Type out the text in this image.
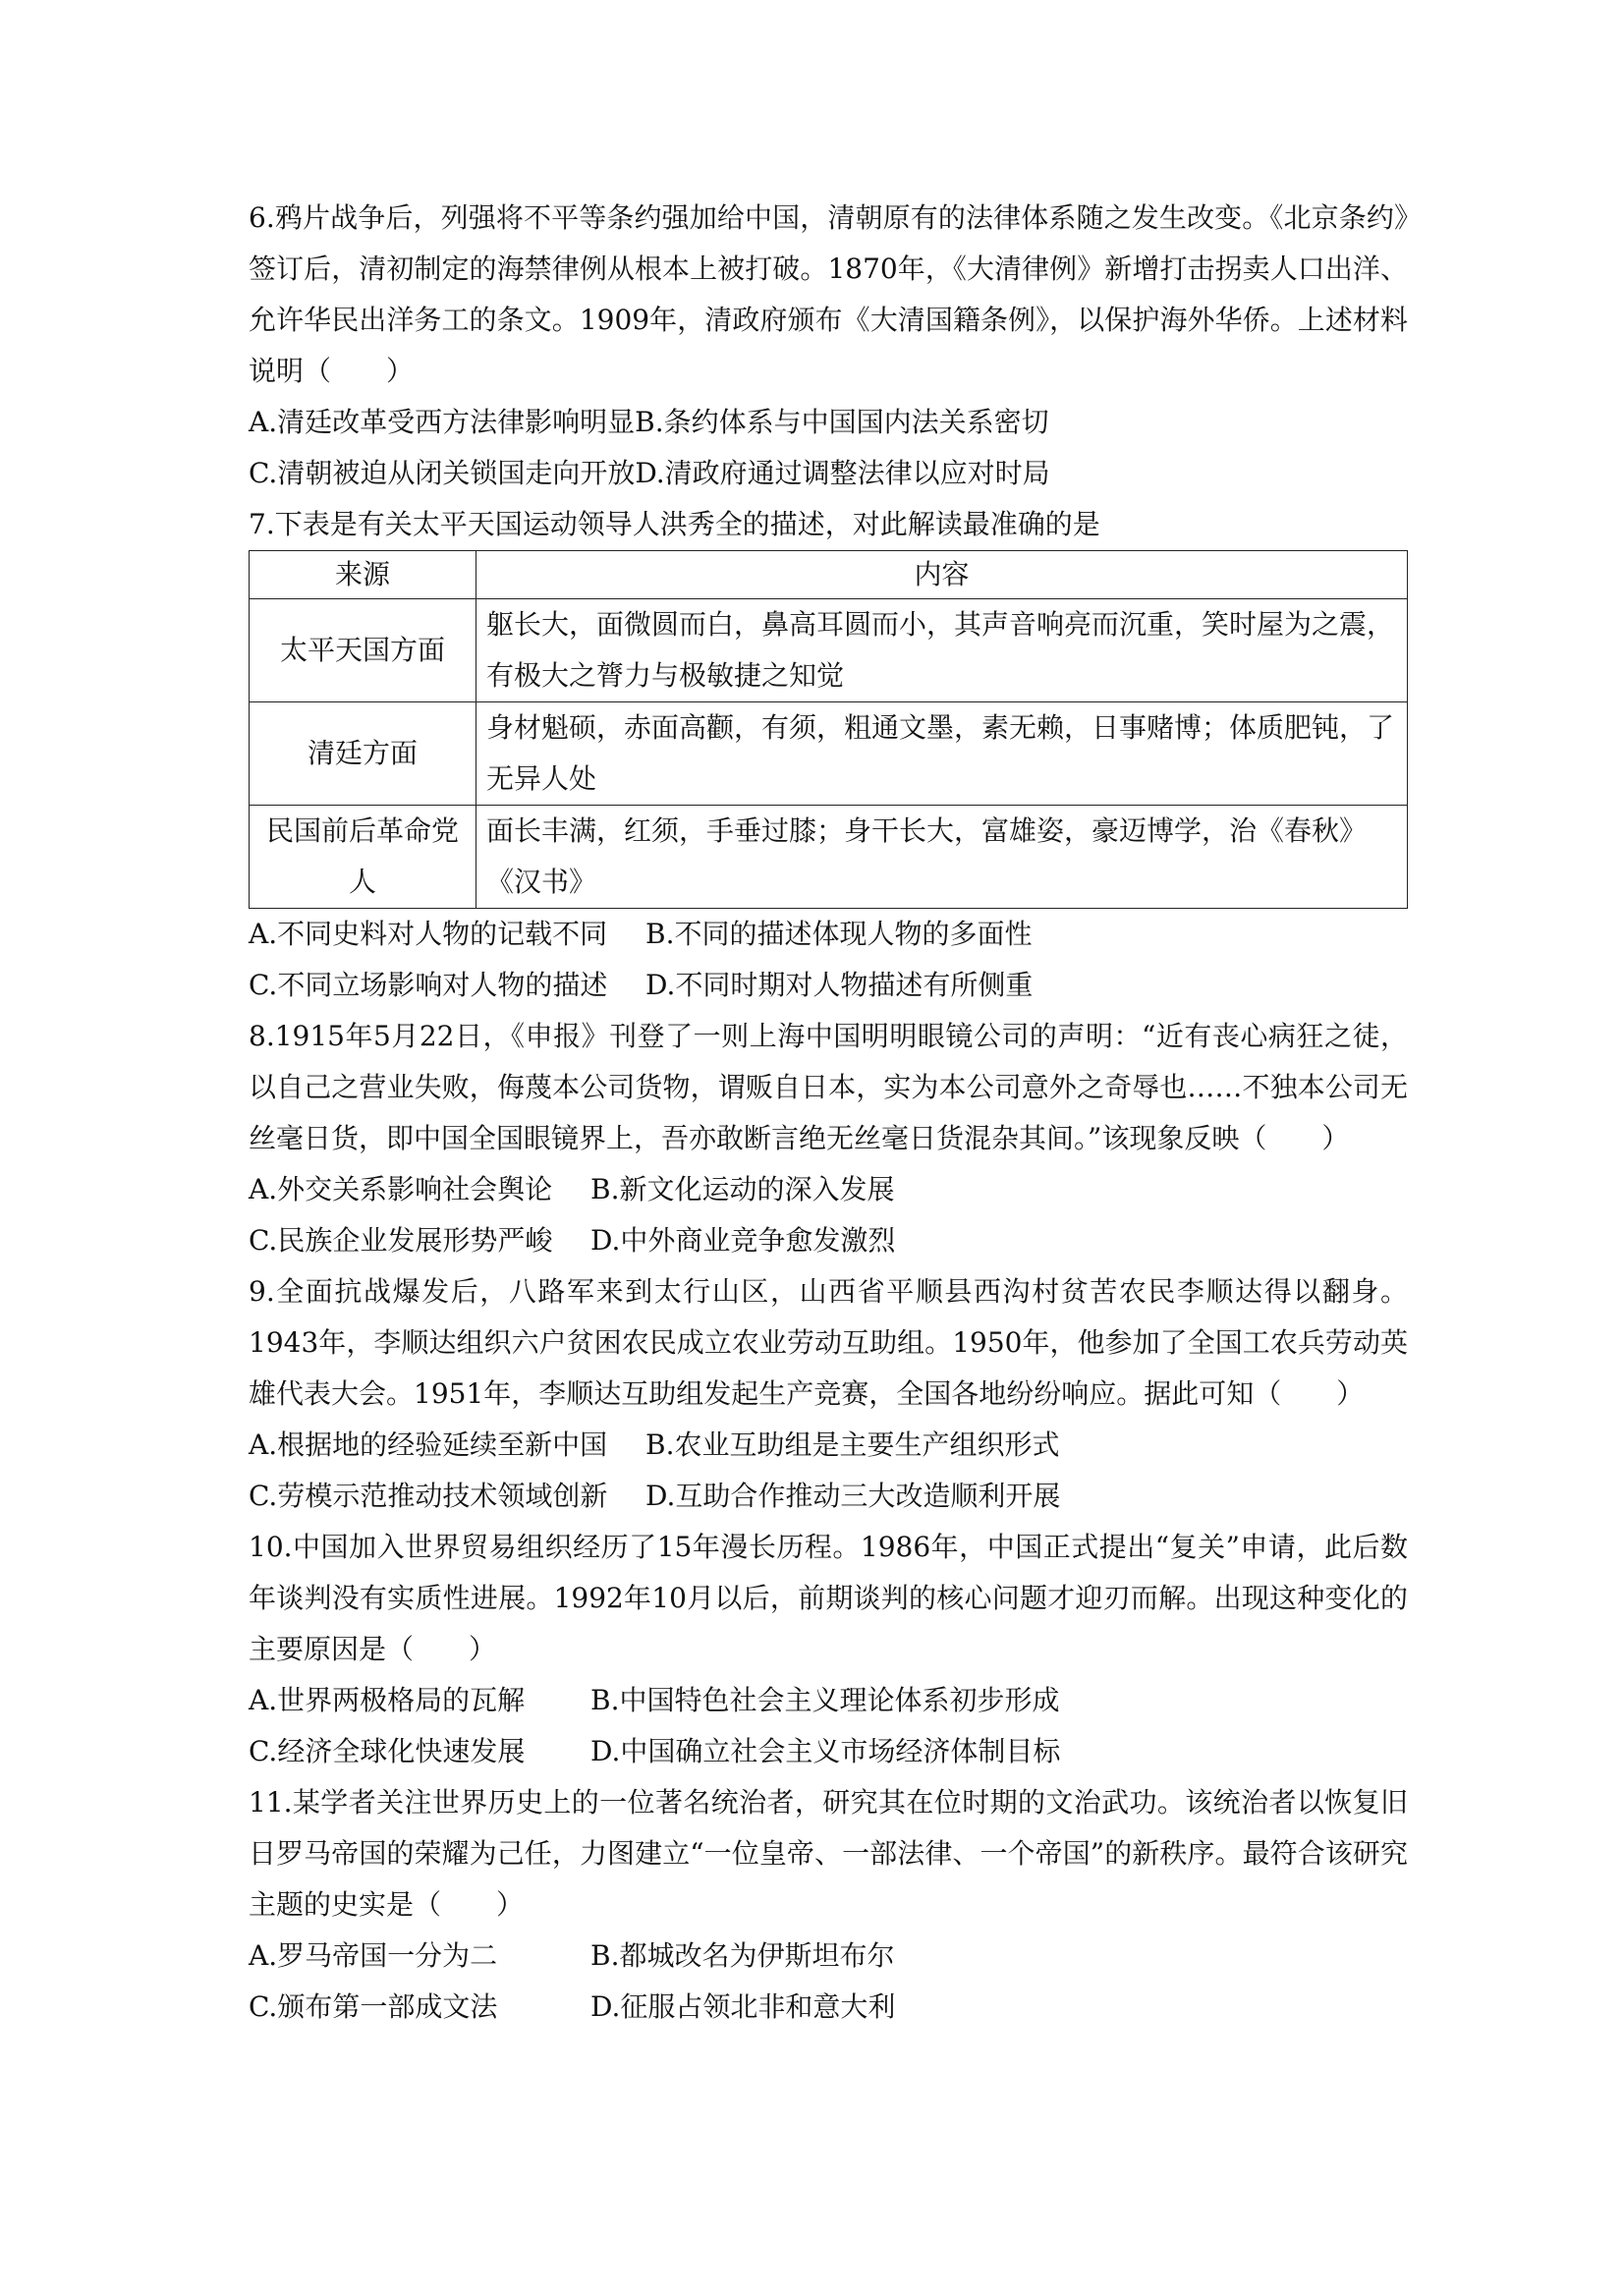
6.鸦片战争后，列强将不平等条约强加给中国，清朝原有的法律体系随之发生改变。《北京条约》签订后，清初制定的海禁律例从根本上被打破。1870年，《大清律例》新增打击拐卖人口出洋、允许华民出洋务工的条文。1909年，清政府颁布《大清国籍条例》，以保护海外华侨。上述材料说明（　　）

A.清廷改革受西方法律影响明显B.条约体系与中国国内法关系密切
C.清朝被迫从闭关锁国走向开放D.清政府通过调整法律以应对时局

7.下表是有关太平天国运动领导人洪秀全的描述，对此解读最准确的是

来源	内容
太平天国方面	躯长大，面微圆而白，鼻高耳圆而小，其声音响亮而沉重，笑时屋为之震，有极大之膂力与极敏捷之知觉
清廷方面	身材魁硕，赤面高颧，有须，粗通文墨，素无赖，日事赌博；体质肥钝，了无异人处
民国前后革命党人	面长丰满，红须，手垂过膝；身干长大，富雄姿，豪迈博学，治《春秋》《汉书》
A.不同史料对人物的记载不同 B.不同的描述体现人物的多面性
C.不同立场影响对人物的描述 D.不同时期对人物描述有所侧重

8.1915年5月22日，《申报》刊登了一则上海中国明明眼镜公司的声明：“近有丧心病狂之徒，以自己之营业失败，侮蔑本公司货物，谓贩自日本，实为本公司意外之奇辱也……不独本公司无丝毫日货，即中国全国眼镜界上，吾亦敢断言绝无丝毫日货混杂其间。”该现象反映（　　）

A.外交关系影响社会舆论 B.新文化运动的深入发展
C.民族企业发展形势严峻 D.中外商业竞争愈发激烈

9.全面抗战爆发后，八路军来到太行山区，山西省平顺县西沟村贫苦农民李顺达得以翻身。1943年，李顺达组织六户贫困农民成立农业劳动互助组。1950年，他参加了全国工农兵劳动英雄代表大会。1951年，李顺达互助组发起生产竞赛，全国各地纷纷响应。据此可知（　　）

A.根据地的经验延续至新中国 B.农业互助组是主要生产组织形式
C.劳模示范推动技术领域创新 D.互助合作推动三大改造顺利开展

10.中国加入世界贸易组织经历了15年漫长历程。1986年，中国正式提出“复关”申请，此后数年谈判没有实质性进展。1992年10月以后，前期谈判的核心问题才迎刃而解。出现这种变化的主要原因是（　　）

A.世界两极格局的瓦解 B.中国特色社会主义理论体系初步形成
C.经济全球化快速发展 D.中国确立社会主义市场经济体制目标

11.某学者关注世界历史上的一位著名统治者，研究其在位时期的文治武功。该统治者以恢复旧日罗马帝国的荣耀为己任，力图建立“一位皇帝、一部法律、一个帝国”的新秩序。最符合该研究主题的史实是（　　）

A.罗马帝国一分为二	B.都城改名为伊斯坦布尔
C.颁布第一部成文法	D.征服占领北非和意大利
